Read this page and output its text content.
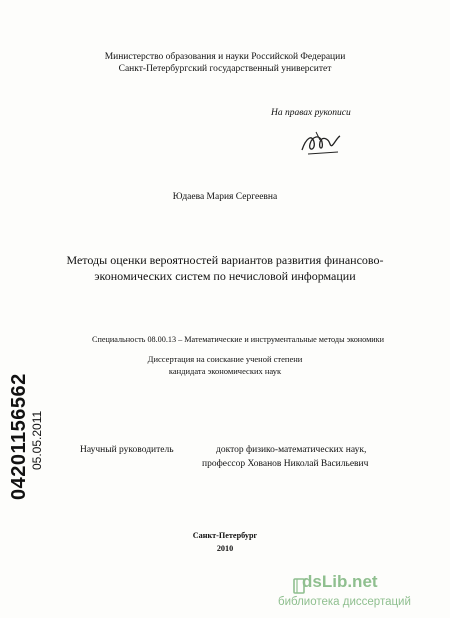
Министерство образования и науки Российской Федерации
Санкт-Петербургский государственный университет
На правах рукописи
Юдаева Мария Сергеевна
Методы оценки вероятностей вариантов развития финансово-
экономических систем по нечисловой информации
Специальность 08.00.13 – Математические и инструментальные методы экономики
Диссертация на соискание ученой степени
кандидата экономических наук
Научный руководитель	доктор физико-математических наук,
профессор Хованов Николай Васильевич
Санкт-Петербург
2010
04201156562 05.05.2011
dsLib.net
библиотека диссертаций
